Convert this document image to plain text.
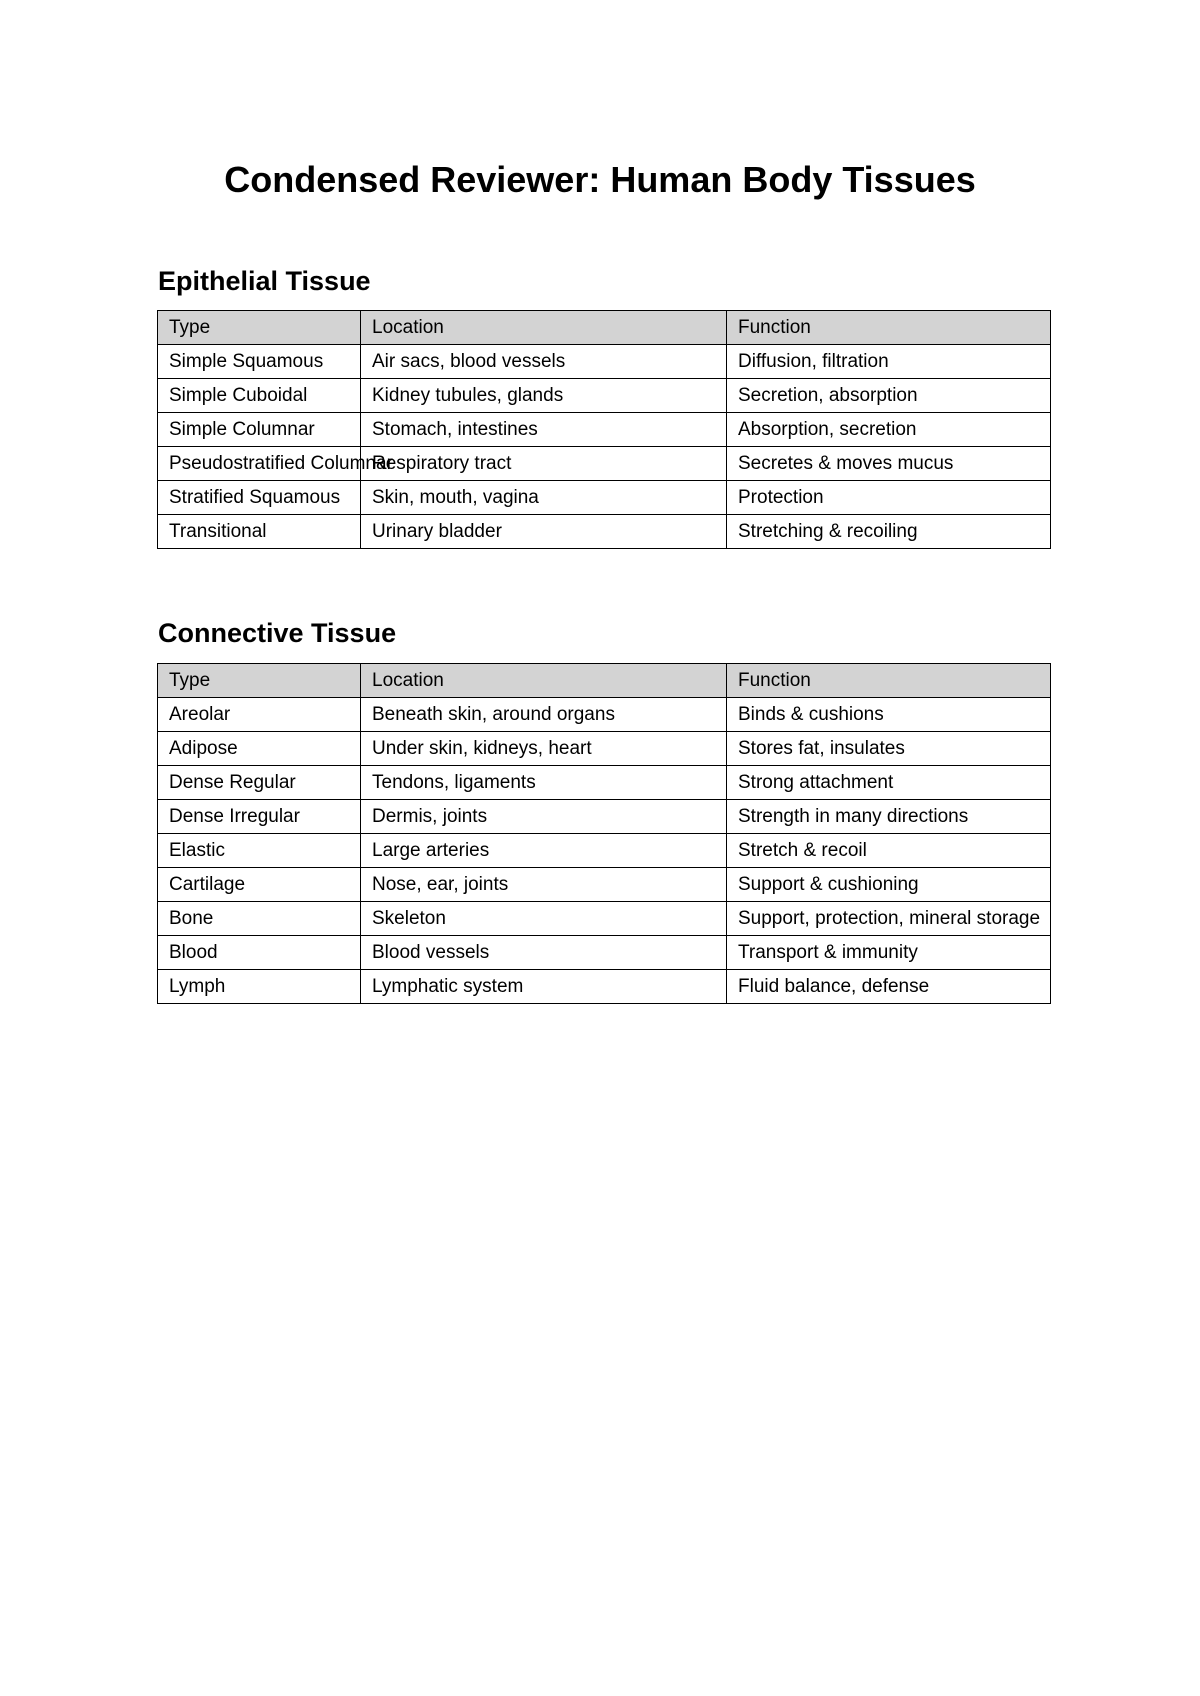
Condensed Reviewer: Human Body Tissues
Epithelial Tissue
Type	Location	Function
Simple Squamous	Air sacs, blood vessels	Diffusion, filtration
Simple Cuboidal	Kidney tubules, glands	Secretion, absorption
Simple Columnar	Stomach, intestines	Absorption, secretion
Pseudostratified Columnar	Respiratory tract	Secretes & moves mucus
Stratified Squamous	Skin, mouth, vagina	Protection
Transitional	Urinary bladder	Stretching & recoiling
Connective Tissue
Type	Location	Function
Areolar	Beneath skin, around organs	Binds & cushions
Adipose	Under skin, kidneys, heart	Stores fat, insulates
Dense Regular	Tendons, ligaments	Strong attachment
Dense Irregular	Dermis, joints	Strength in many directions
Elastic	Large arteries	Stretch & recoil
Cartilage	Nose, ear, joints	Support & cushioning
Bone	Skeleton	Support, protection, mineral storage
Blood	Blood vessels	Transport & immunity
Lymph	Lymphatic system	Fluid balance, defense
